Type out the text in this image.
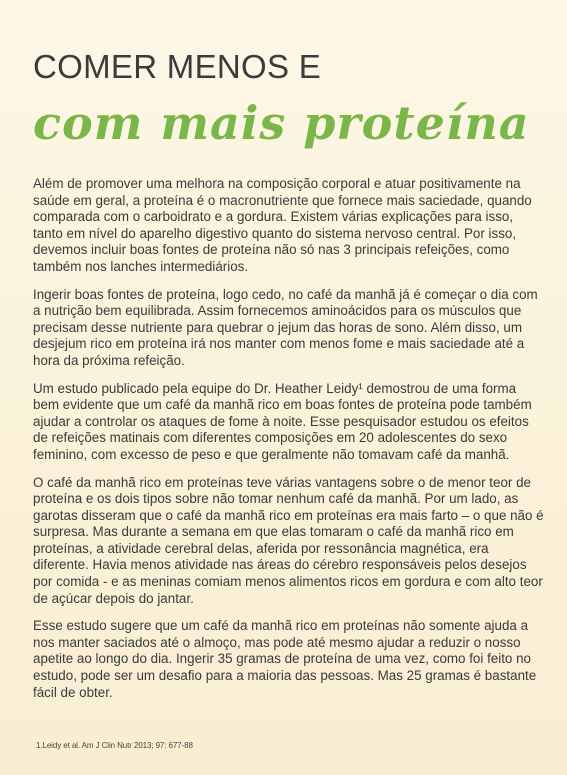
COMER MENOS E
com mais proteína

Além de promover uma melhora na composição corporal e atuar positivamente na saúde em geral, a proteína é o macronutriente que fornece mais saciedade, quando comparada com o carboidrato e a gordura. Existem várias explicações para isso, tanto em nível do aparelho digestivo quanto do sistema nervoso central. Por isso, devemos incluir boas fontes de proteína não só nas 3 principais refeições, como também nos lanches intermediários.

Ingerir boas fontes de proteína, logo cedo, no café da manhã já é começar o dia com a nutrição bem equilibrada. Assim fornecemos aminoácidos para os músculos que precisam desse nutriente para quebrar o jejum das horas de sono. Além disso, um desjejum rico em proteína irá nos manter com menos fome e mais saciedade até a hora da próxima refeição.

Um estudo publicado pela equipe do Dr. Heather Leidy¹ demostrou de uma forma bem evidente que um café da manhã rico em boas fontes de proteína pode também ajudar a controlar os ataques de fome à noite. Esse pesquisador estudou os efeitos de refeições matinais com diferentes composições em 20 adolescentes do sexo feminino, com excesso de peso e que geralmente não tomavam café da manhã.

O café da manhã rico em proteínas teve várias vantagens sobre o de menor teor de proteína e os dois tipos sobre não tomar nenhum café da manhã. Por um lado, as garotas disseram que o café da manhã rico em proteínas era mais farto – o que não é surpresa. Mas durante a semana em que elas tomaram o café da manhã rico em proteínas, a atividade cerebral delas, aferida por ressonância magnética, era diferente. Havia menos atividade nas áreas do cérebro responsáveis pelos desejos por comida - e as meninas comiam menos alimentos ricos em gordura e com alto teor de açúcar depois do jantar.

Esse estudo sugere que um café da manhã rico em proteínas não somente ajuda a nos manter saciados até o almoço, mas pode até mesmo ajudar a reduzir o nosso apetite ao longo do dia. Ingerir 35 gramas de proteína de uma vez, como foi feito no estudo, pode ser um desafio para a maioria das pessoas. Mas 25 gramas é bastante fácil de obter.

1.Leidy et al. Am J Clin Nutr 2013; 97: 677-88
